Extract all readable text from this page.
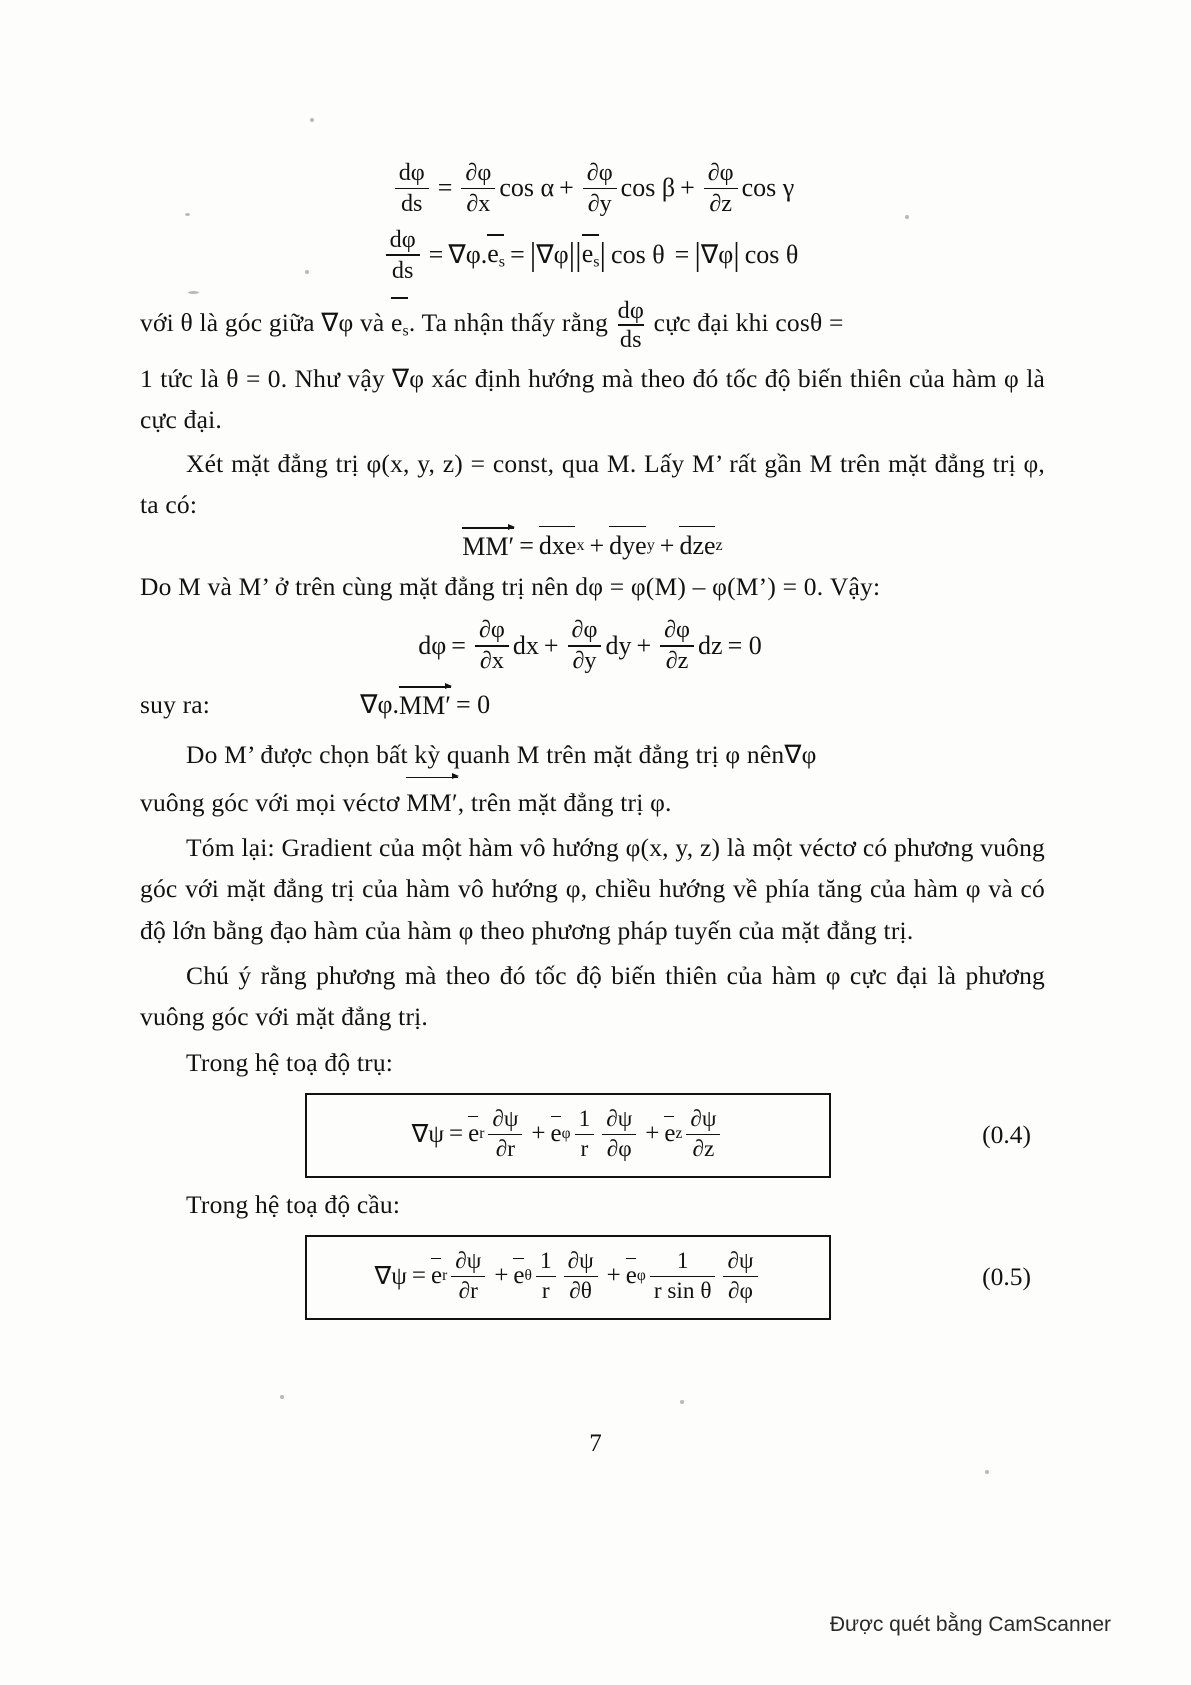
$\frac{d\varphi}{ds} = \frac{\partial\varphi}{\partial x}$ $\cos \alpha + \frac{\partial\varphi}{\partial y}$ $\cos \beta + \frac{\partial\varphi}{\partial z}$ cos γ
$\frac{d\varphi}{ds} = \nabla\varphi$. $e_s$ = | ∇φ | | $e_s$ | cos θ = | ∇φ | cos θ
với θ là góc giữa ∇φ và $e_s$. Ta nhận thấy rằng $\frac{d\varphi}{ds}$ cực đại khi cosθ =
1 tức là θ = 0. Như vậy ∇φ xác định hướng mà theo đó tốc độ biến thiên của hàm φ là cực đại.
Xét mặt đẳng trị φ(x, y, z) = const, qua M. Lấy M’ rất gần M trên mặt đẳng trị φ, ta có:
MM′ = dxe x + dye y + dze z
Do M và M’ ở trên cùng mặt đẳng trị nên dφ = φ(M) – φ(M’) = 0. Vậy:
$d\varphi = \frac{\partial\varphi}{\partial x}$ dx + $\frac{\partial\varphi}{\partial y}$ dy + $\frac{\partial\varphi}{\partial z}$ dz = 0
suy ra:	∇φ. MM′ = 0
Do M’ được chọn bất kỳ quanh M trên mặt đẳng trị φ nên∇φ
vuông góc với mọi véctơ MM′, trên mặt đẳng trị φ.
Tóm lại: Gradient của một hàm vô hướng φ(x, y, z) là một véctơ có phương vuông góc với mặt đẳng trị của hàm vô hướng φ, chiều hướng về phía tăng của hàm φ và có độ lớn bằng đạo hàm của hàm φ theo phương pháp tuyến của mặt đẳng trị.
Chú ý rằng phương mà theo đó tốc độ biến thiên của hàm φ cực đại là phương vuông góc với mặt đẳng trị.
Trong hệ toạ độ trụ:
∇ψ = e r $\frac{\partial\psi}{\partial r} + e$ φ $\frac{1}{r} \frac{\partial\psi}{\partial\varphi} + e$ z $\frac{\partial\psi}{\partial z}$	(0.4)
Trong hệ toạ độ cầu:
∇ψ = e r $\frac{\partial\psi}{\partial r} + e$ θ $\frac{1}{r} \frac{\partial\psi}{\partial\theta} + e$ φ $\frac{1}{\text{r sin θ}} \frac{\partial\psi}{\partial\varphi}$	(0.5)
7
Được quét bằng CamScanner
